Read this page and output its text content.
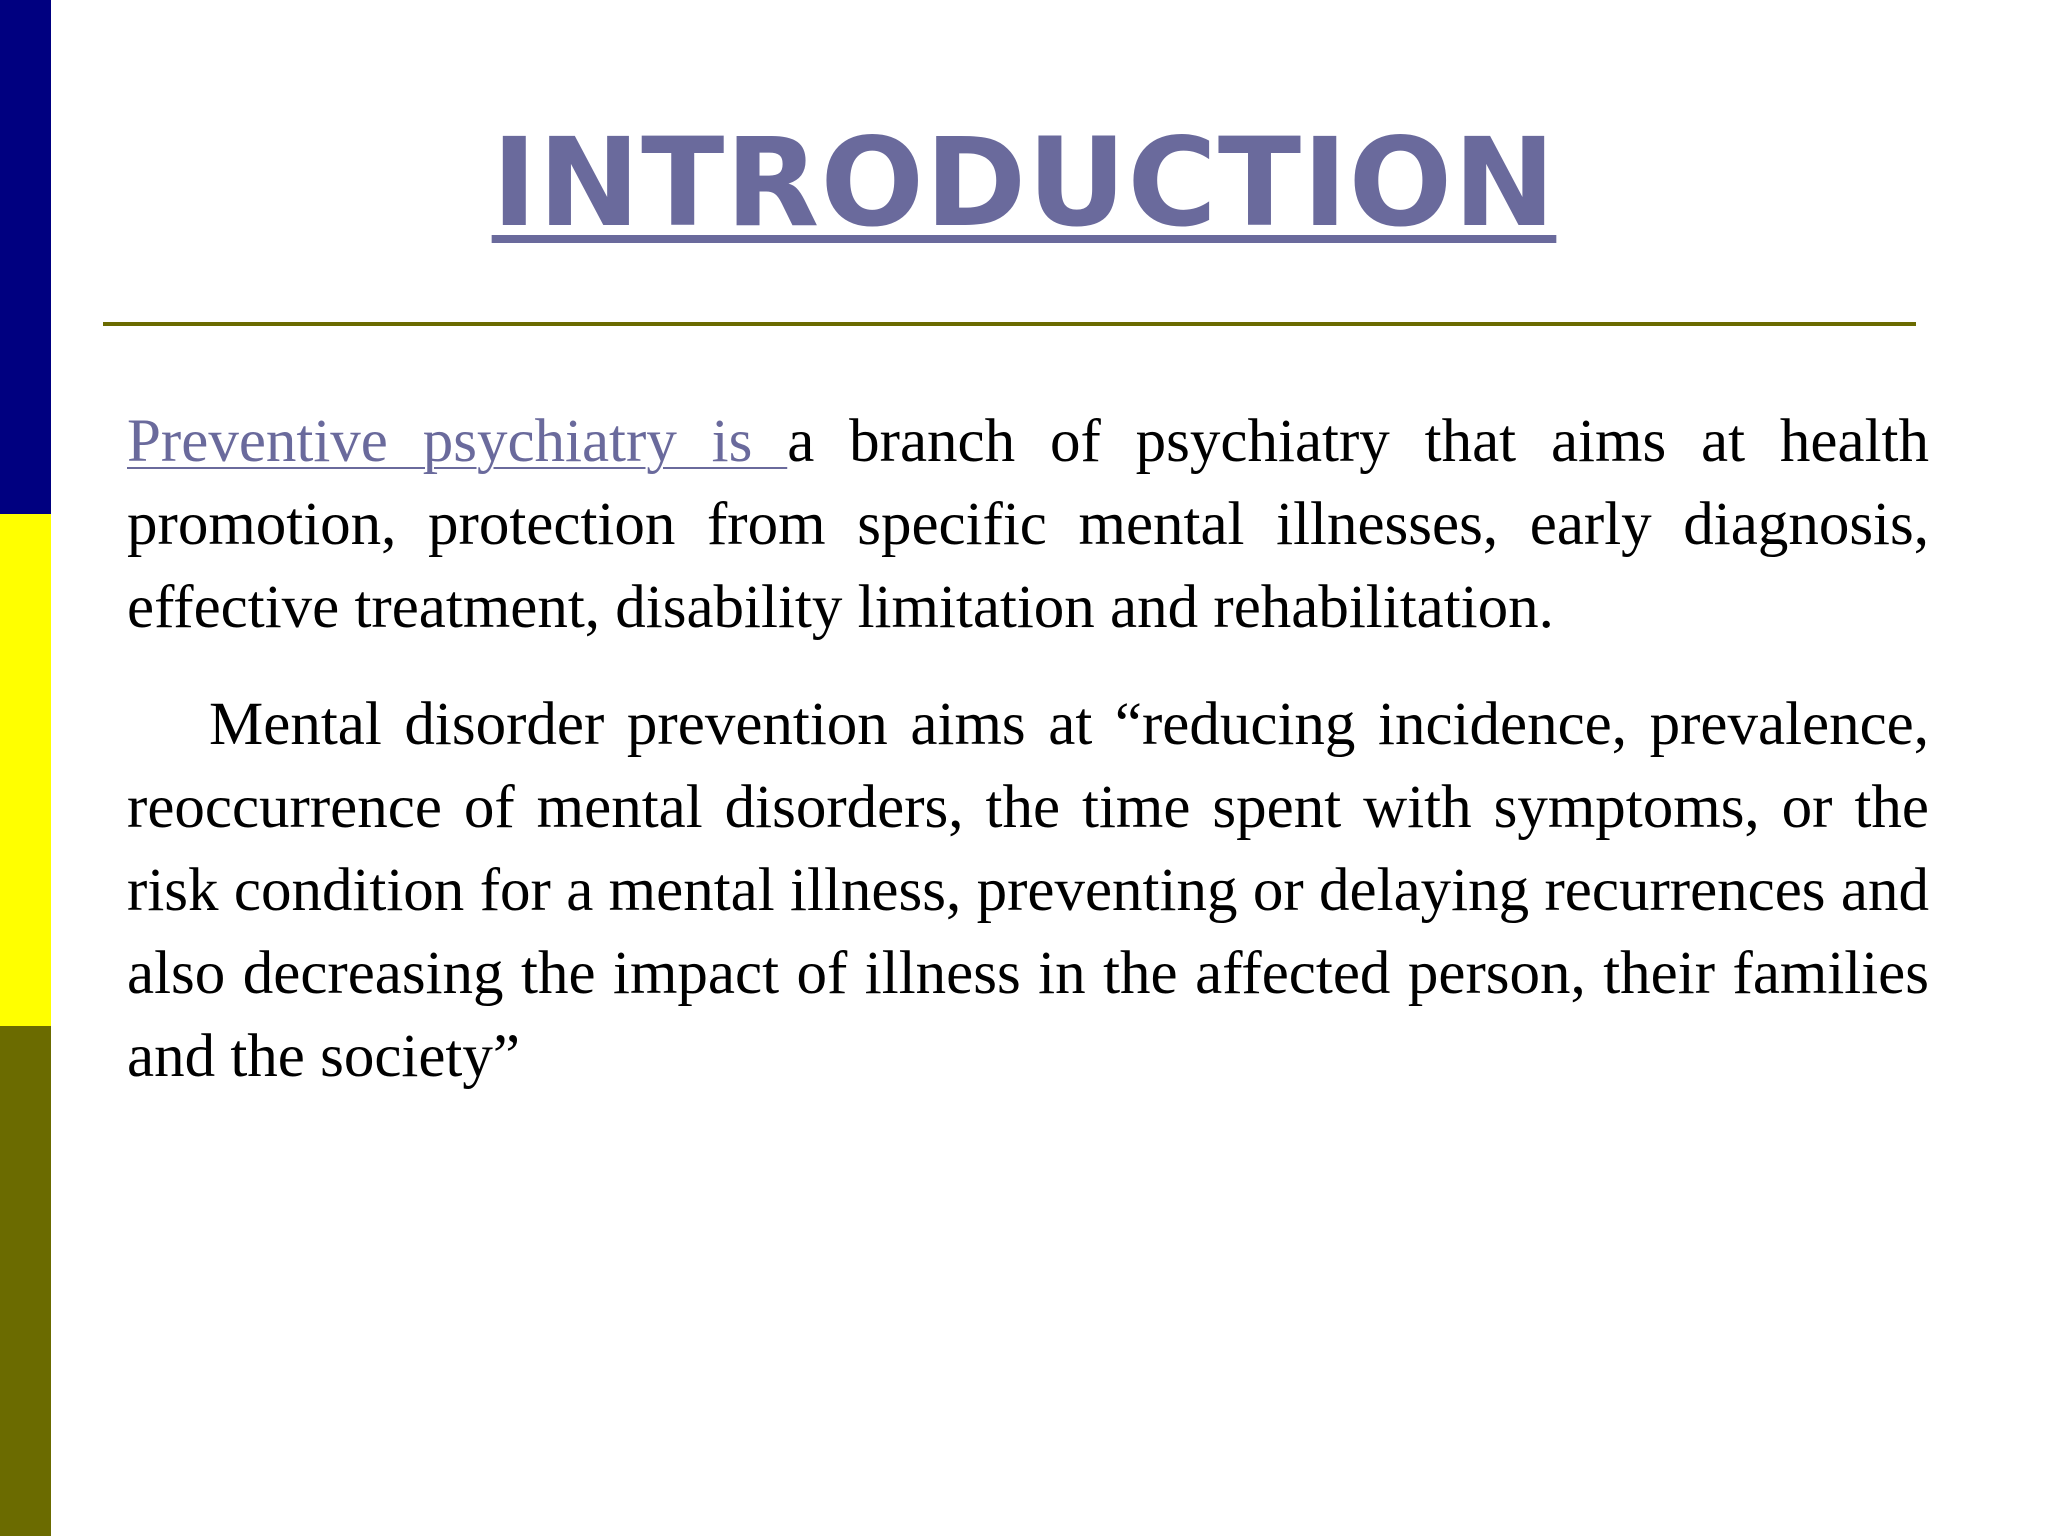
INTRODUCTION

Preventive psychiatry is a branch of psychiatry that aims at health promotion, protection from specific mental illnesses, early diagnosis, effective treatment, disability limitation and rehabilitation.

Mental disorder prevention aims at “reducing incidence, prevalence, reoccurrence of mental disorders, the time spent with symptoms, or the risk condition for a mental illness, preventing or delaying recurrences and also decreasing the impact of illness in the affected person, their families and the society”
